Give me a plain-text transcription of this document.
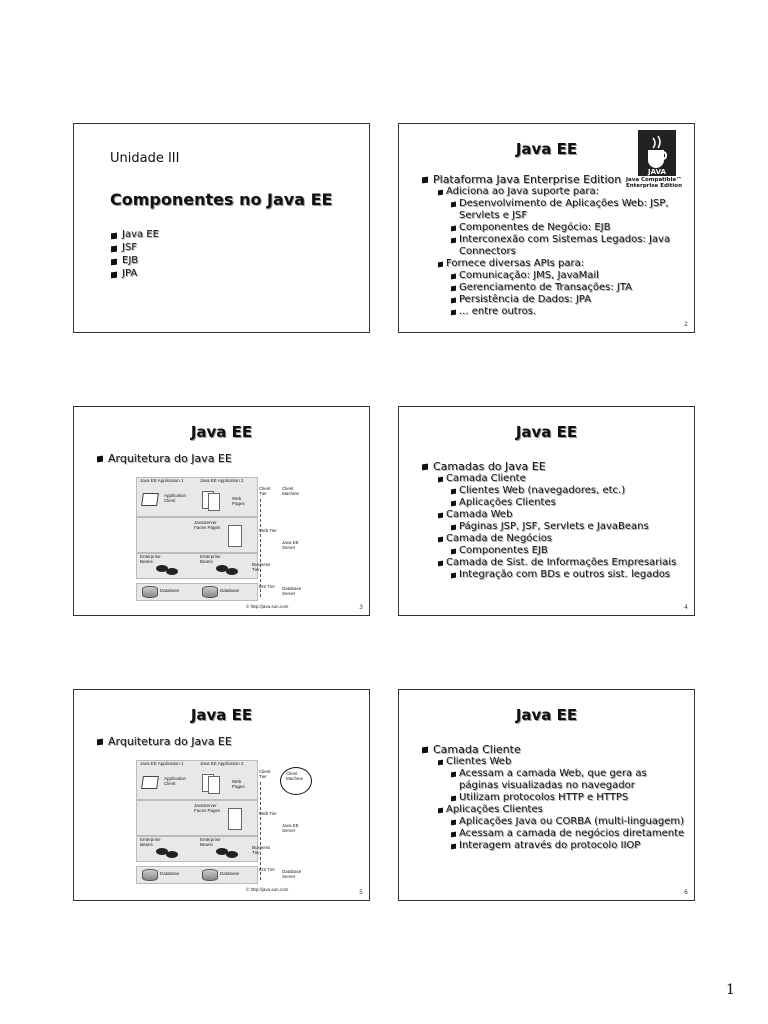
Unidade III
Componentes no Java EE
Java EE
JSF
EJB
JPA
Java EE
JAVA
Java Compatible™ Enterprise Edition
Plataforma Java Enterprise Edition
Adiciona ao Java suporte para:
Desenvolvimento de Aplicações Web: JSP, Servlets e JSF
Componentes de Negócio: EJB
Interconexão com Sistemas Legados: Java Connectors
Fornece diversas APIs para:
Comunicação: JMS, JavaMail
Gerenciamento de Transações: JTA
Persistência de Dados: JPA
... entre outros.
2
Java EE
Arquitetura do Java EE
Java EE Application 1	Java EE Application 2
Application Client	Web Pages
Client Tier
Client Machine
JavaServer Faces Pages
Web Tier
Java EE Server
Enterprise Beans
Enterprise Beans
Business Tier
Database	Database
EIS Tier Database Server
© http://java.sun.com	3
Java EE
Camadas do Java EE
Camada Cliente
Clientes Web (navegadores, etc.)
Aplicações Clientes
Camada Web
Páginas JSP, JSF, Servlets e JavaBeans
Camada de Negócios
Componentes EJB
Camada de Sist. de Informações Empresariais
Integração com BDs e outros sist. legados
4
Java EE
Arquitetura do Java EE
Java EE Application 1	Java EE Application 2
Application Client	Web Pages
Client Tier
Client Machine
JavaServer Faces Pages
Web Tier
Java EE Server
Enterprise Beans
Enterprise Beans
Business Tier
Database	Database
EIS Tier Database Server
© http://java.sun.com	5
Java EE
Camada Cliente
Clientes Web
Acessam a camada Web, que gera as páginas visualizadas no navegador
Utilizam protocolos HTTP e HTTPS
Aplicações Clientes
Aplicações Java ou CORBA (multi-linguagem)
Acessam a camada de negócios diretamente
Interagem através do protocolo IIOP
6
1
